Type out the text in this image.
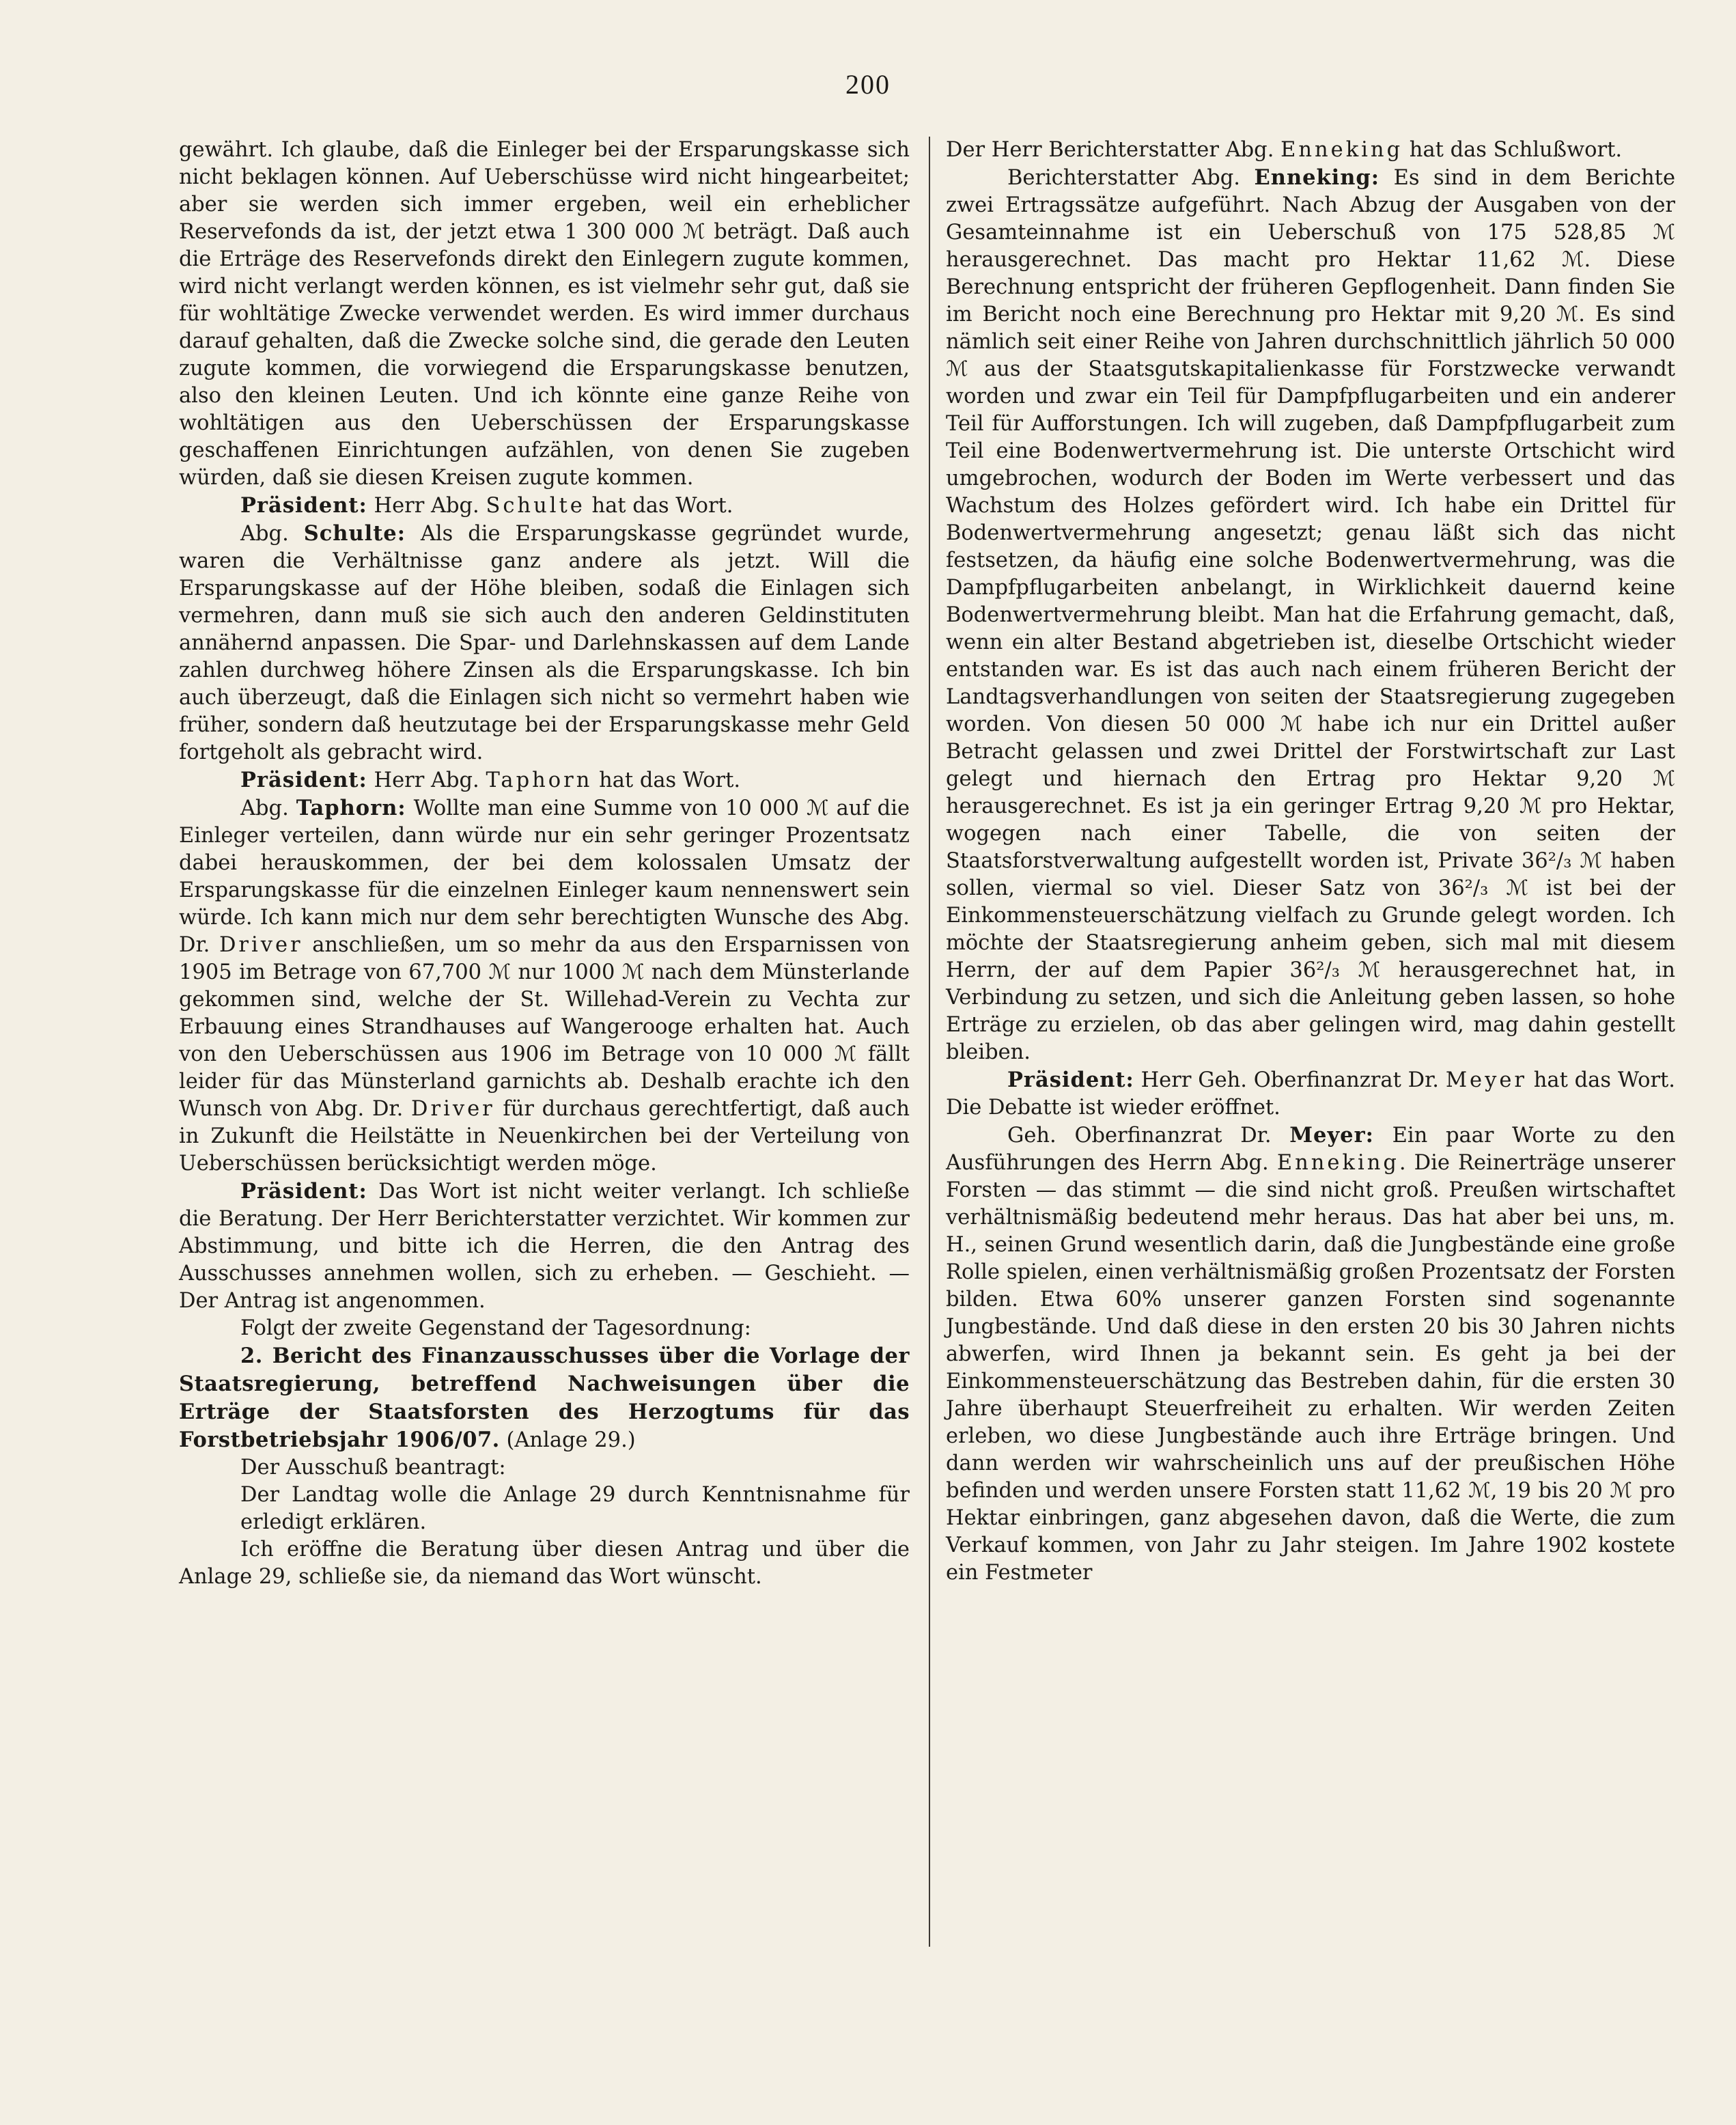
200

gewährt. Ich glaube, daß die Einleger bei der Ersparungskasse sich nicht beklagen können. Auf Ueberschüsse wird nicht hingearbeitet; aber sie werden sich immer ergeben, weil ein erheblicher Reservefonds da ist, der jetzt etwa 1 300 000 ℳ beträgt. Daß auch die Erträge des Reservefonds direkt den Einlegern zugute kommen, wird nicht verlangt werden können, es ist vielmehr sehr gut, daß sie für wohltätige Zwecke verwendet werden. Es wird immer durchaus darauf gehalten, daß die Zwecke solche sind, die gerade den Leuten zugute kommen, die vorwiegend die Ersparungskasse benutzen, also den kleinen Leuten. Und ich könnte eine ganze Reihe von wohltätigen aus den Ueberschüssen der Ersparungskasse geschaffenen Einrichtungen aufzählen, von denen Sie zugeben würden, daß sie diesen Kreisen zugute kommen.

Präsident: Herr Abg. Schulte hat das Wort.

Abg. Schulte: Als die Ersparungskasse gegründet wurde, waren die Verhältnisse ganz andere als jetzt. Will die Ersparungskasse auf der Höhe bleiben, sodaß die Einlagen sich vermehren, dann muß sie sich auch den anderen Geldinstituten annähernd anpassen. Die Spar- und Darlehnskassen auf dem Lande zahlen durchweg höhere Zinsen als die Ersparungskasse. Ich bin auch überzeugt, daß die Einlagen sich nicht so vermehrt haben wie früher, sondern daß heutzutage bei der Ersparungskasse mehr Geld fortgeholt als gebracht wird.

Präsident: Herr Abg. Taphorn hat das Wort.

Abg. Taphorn: Wollte man eine Summe von 10 000 ℳ auf die Einleger verteilen, dann würde nur ein sehr geringer Prozentsatz dabei herauskommen, der bei dem kolossalen Umsatz der Ersparungskasse für die einzelnen Einleger kaum nennenswert sein würde. Ich kann mich nur dem sehr berechtigten Wunsche des Abg. Dr. Driver anschließen, um so mehr da aus den Ersparnissen von 1905 im Betrage von 67,700 ℳ nur 1000 ℳ nach dem Münsterlande gekommen sind, welche der St. Willehad-Verein zu Vechta zur Erbauung eines Strandhauses auf Wangerooge erhalten hat. Auch von den Ueberschüssen aus 1906 im Betrage von 10 000 ℳ fällt leider für das Münsterland garnichts ab. Deshalb erachte ich den Wunsch von Abg. Dr. Driver für durchaus gerechtfertigt, daß auch in Zukunft die Heilstätte in Neuenkirchen bei der Verteilung von Ueberschüssen berücksichtigt werden möge.

Präsident: Das Wort ist nicht weiter verlangt. Ich schließe die Beratung. Der Herr Berichterstatter verzichtet. Wir kommen zur Abstimmung, und bitte ich die Herren, die den Antrag des Ausschusses annehmen wollen, sich zu erheben. — Geschieht. — Der Antrag ist angenommen.

Folgt der zweite Gegenstand der Tagesordnung:

2. Bericht des Finanzausschusses über die Vorlage der Staatsregierung, betreffend Nachweisungen über die Erträge der Staatsforsten des Herzogtums für das Forstbetriebsjahr 1906/07. (Anlage 29.)

Der Ausschuß beantragt:

Der Landtag wolle die Anlage 29 durch Kenntnisnahme für erledigt erklären.

Ich eröffne die Beratung über diesen Antrag und über die Anlage 29, schließe sie, da niemand das Wort wünscht.

Der Herr Berichterstatter Abg. Enneking hat das Schlußwort.

Berichterstatter Abg. Enneking: Es sind in dem Berichte zwei Ertragssätze aufgeführt. Nach Abzug der Ausgaben von der Gesamteinnahme ist ein Ueberschuß von 175 528,85 ℳ herausgerechnet. Das macht pro Hektar 11,62 ℳ. Diese Berechnung entspricht der früheren Gepflogenheit. Dann finden Sie im Bericht noch eine Berechnung pro Hektar mit 9,20 ℳ. Es sind nämlich seit einer Reihe von Jahren durchschnittlich jährlich 50 000 ℳ aus der Staatsgutskapitalienkasse für Forstzwecke verwandt worden und zwar ein Teil für Dampfpflugarbeiten und ein anderer Teil für Aufforstungen. Ich will zugeben, daß Dampfpflugarbeit zum Teil eine Bodenwertvermehrung ist. Die unterste Ortschicht wird umgebrochen, wodurch der Boden im Werte verbessert und das Wachstum des Holzes gefördert wird. Ich habe ein Drittel für Bodenwertvermehrung angesetzt; genau läßt sich das nicht festsetzen, da häufig eine solche Bodenwertvermehrung, was die Dampfpflugarbeiten anbelangt, in Wirklichkeit dauernd keine Bodenwertvermehrung bleibt. Man hat die Erfahrung gemacht, daß, wenn ein alter Bestand abgetrieben ist, dieselbe Ortschicht wieder entstanden war. Es ist das auch nach einem früheren Bericht der Landtagsverhandlungen von seiten der Staatsregierung zugegeben worden. Von diesen 50 000 ℳ habe ich nur ein Drittel außer Betracht gelassen und zwei Drittel der Forstwirtschaft zur Last gelegt und hiernach den Ertrag pro Hektar 9,20 ℳ herausgerechnet. Es ist ja ein geringer Ertrag 9,20 ℳ pro Hektar, wogegen nach einer Tabelle, die von seiten der Staatsforstverwaltung aufgestellt worden ist, Private 36²/₃ ℳ haben sollen, viermal so viel. Dieser Satz von 36²/₃ ℳ ist bei der Einkommensteuerschätzung vielfach zu Grunde gelegt worden. Ich möchte der Staatsregierung anheim geben, sich mal mit diesem Herrn, der auf dem Papier 36²/₃ ℳ herausgerechnet hat, in Verbindung zu setzen, und sich die Anleitung geben lassen, so hohe Erträge zu erzielen, ob das aber gelingen wird, mag dahin gestellt bleiben.

Präsident: Herr Geh. Oberfinanzrat Dr. Meyer hat das Wort. Die Debatte ist wieder eröffnet.

Geh. Oberfinanzrat Dr. Meyer: Ein paar Worte zu den Ausführungen des Herrn Abg. Enneking. Die Reinerträge unserer Forsten — das stimmt — die sind nicht groß. Preußen wirtschaftet verhältnismäßig bedeutend mehr heraus. Das hat aber bei uns, m. H., seinen Grund wesentlich darin, daß die Jungbestände eine große Rolle spielen, einen verhältnismäßig großen Prozentsatz der Forsten bilden. Etwa 60% unserer ganzen Forsten sind sogenannte Jungbestände. Und daß diese in den ersten 20 bis 30 Jahren nichts abwerfen, wird Ihnen ja bekannt sein. Es geht ja bei der Einkommensteuerschätzung das Bestreben dahin, für die ersten 30 Jahre überhaupt Steuerfreiheit zu erhalten. Wir werden Zeiten erleben, wo diese Jungbestände auch ihre Erträge bringen. Und dann werden wir wahrscheinlich uns auf der preußischen Höhe befinden und werden unsere Forsten statt 11,62 ℳ, 19 bis 20 ℳ pro Hektar einbringen, ganz abgesehen davon, daß die Werte, die zum Verkauf kommen, von Jahr zu Jahr steigen. Im Jahre 1902 kostete ein Festmeter
